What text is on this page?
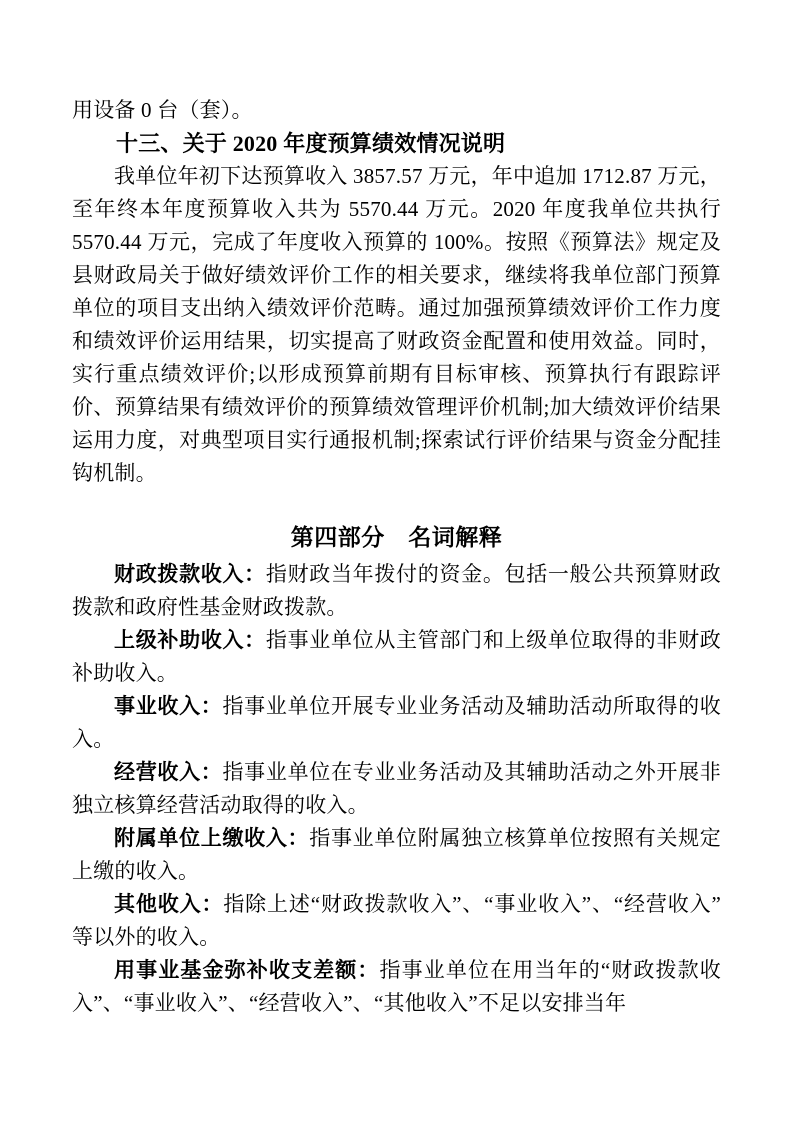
用设备 0 台（套）。

十三、关于 2020 年度预算绩效情况说明

我单位年初下达预算收入 3857.57 万元，年中追加 1712.87 万元，至年终本年度预算收入共为 5570.44 万元。2020 年度我单位共执行 5570.44 万元，完成了年度收入预算的 100%。按照《预算法》规定及县财政局关于做好绩效评价工作的相关要求，继续将我单位部门预算单位的项目支出纳入绩效评价范畴。通过加强预算绩效评价工作力度和绩效评价运用结果，切实提高了财政资金配置和使用效益。同时，实行重点绩效评价;以形成预算前期有目标审核、预算执行有跟踪评价、预算结果有绩效评价的预算绩效管理评价机制;加大绩效评价结果运用力度，对典型项目实行通报机制;探索试行评价结果与资金分配挂钩机制。

第四部分　名词解释

财政拨款收入：指财政当年拨付的资金。包括一般公共预算财政拨款和政府性基金财政拨款。

上级补助收入：指事业单位从主管部门和上级单位取得的非财政补助收入。

事业收入：指事业单位开展专业业务活动及辅助活动所取得的收入。

经营收入：指事业单位在专业业务活动及其辅助活动之外开展非独立核算经营活动取得的收入。

附属单位上缴收入：指事业单位附属独立核算单位按照有关规定上缴的收入。

其他收入：指除上述“财政拨款收入”、“事业收入”、“经营收入”等以外的收入。

用事业基金弥补收支差额：指事业单位在用当年的“财政拨款收入”、“事业收入”、“经营收入”、“其他收入”不足以安排当年
